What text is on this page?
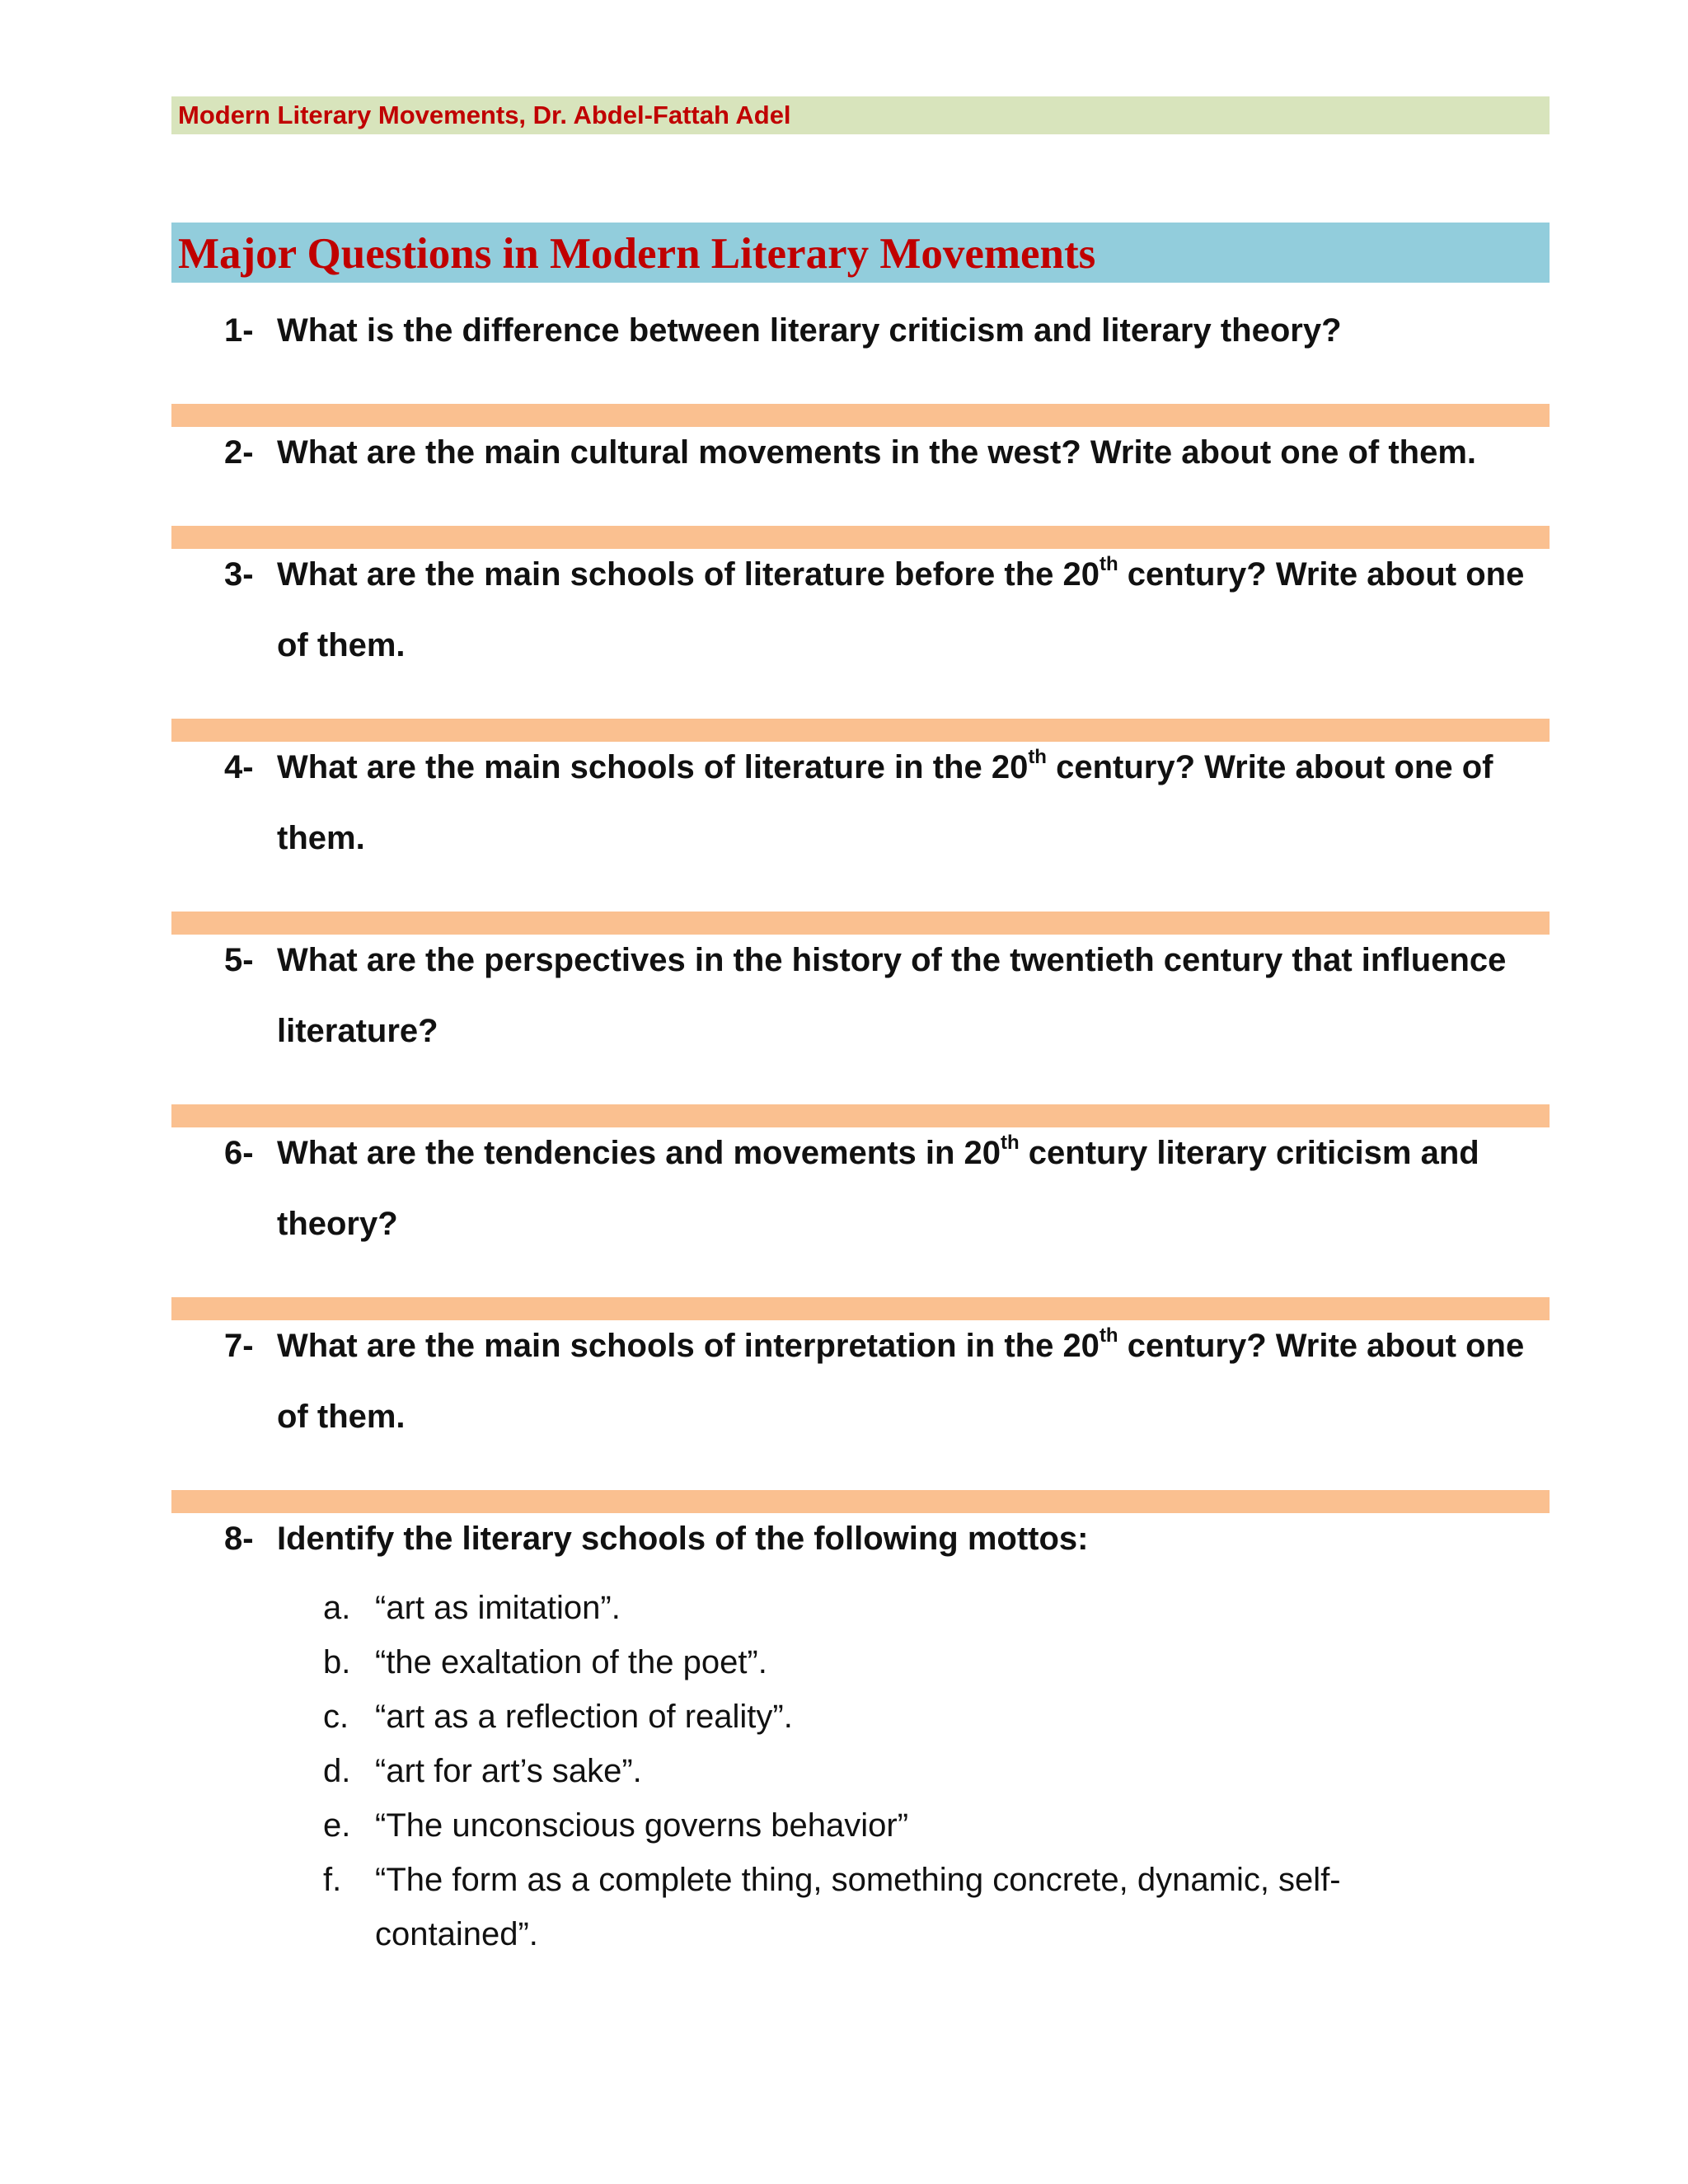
Modern Literary Movements, Dr. Abdel-Fattah Adel
Major Questions in Modern Literary Movements
1- What is the difference between literary criticism and literary theory?
2- What are the main cultural movements in the west? Write about one of them.
3- What are the main schools of literature before the 20th century? Write about one of them.
4- What are the main schools of literature in the 20th century? Write about one of them.
5- What are the perspectives in the history of the twentieth century that influence literature?
6- What are the tendencies and movements in 20th century literary criticism and theory?
7- What are the main schools of interpretation in the 20th century? Write about one of them.
8- Identify the literary schools of the following mottos:
a. “art as imitation”.
b. “the exaltation of the poet”.
c. “art as a reflection of reality”.
d. “art for art’s sake”.
e. “The unconscious governs behavior”
f. “The form as a complete thing, something concrete, dynamic, self-contained”.
